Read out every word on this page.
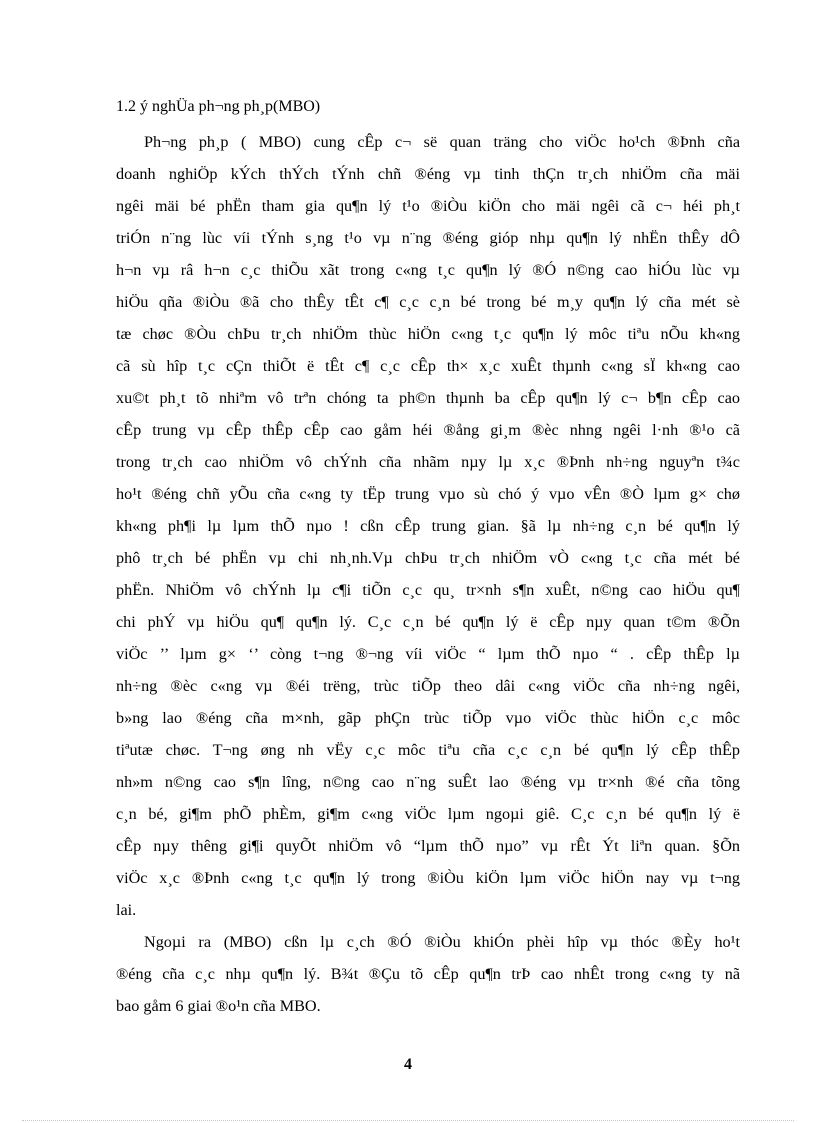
1.2 ý nghÜa ph¬ng ph¸p(MBO)
Ph¬ng ph¸p ( MBO) cung cÊp c¬ së quan träng cho viÖc ho¹ch ®Þnh cña
doanh nghiÖp kÝch thÝch tÝnh chñ ®éng vµ tinh thÇn tr¸ch nhiÖm cña mäi
ngêi mäi bé phËn tham gia qu¶n lý t¹o ®iÒu kiÖn cho mäi ngêi cã c¬ héi ph¸t
triÓn n¨ng lùc víi tÝnh s¸ng t¹o vµ n¨ng ®éng gióp nhµ qu¶n lý nhËn thÊy dÔ
h¬n vµ râ h¬n c¸c thiÕu xãt trong c«ng t¸c qu¶n lý ®Ó n©ng cao hiÓu lùc vµ
hiÖu qña ®iÒu ®ã cho thÊy tÊt c¶ c¸c c¸n bé trong bé m¸y qu¶n lý cña mét sè
tæ chøc ®Òu chÞu tr¸ch nhiÖm thùc hiÖn c«ng t¸c qu¶n lý môc tiªu nÕu kh«ng
cã sù hîp t¸c cÇn thiÕt ë tÊt c¶ c¸c cÊp th× x¸c xuÊt thµnh c«ng sÏ kh«ng cao
xu©t ph¸t tõ nhiªm vô trªn chóng ta ph©n thµnh ba cÊp qu¶n lý c¬ b¶n cÊp cao
cÊp trung vµ cÊp thÊp cÊp cao gåm héi ®ång gi¸m ®èc nhng ngêi l·nh ®¹o cã
trong tr¸ch cao nhiÖm vô chÝnh cña nhãm nµy lµ x¸c ®Þnh nh÷ng nguyªn t¾c
ho¹t ®éng chñ yÕu cña c«ng ty tËp trung vµo sù chó ý vµo vÊn ®Ò lµm g× chø
kh«ng ph¶i lµ lµm thÕ nµo ! cßn cÊp trung gian. §ã lµ nh÷ng c¸n bé qu¶n lý
phô tr¸ch bé phËn vµ chi nh¸nh.Vµ chÞu tr¸ch nhiÖm vÒ c«ng t¸c cña mét bé
phËn. NhiÖm vô chÝnh lµ c¶i tiÕn c¸c qu¸ tr×nh s¶n xuÊt, n©ng cao hiÖu qu¶
chi phÝ vµ hiÖu qu¶ qu¶n lý. C¸c c¸n bé qu¶n lý ë cÊp nµy quan t©m ®Õn
viÖc ’’ lµm g× ‘’ còng t¬ng ®¬ng víi viÖc “ lµm thÕ nµo “ . cÊp thÊp lµ
nh÷ng ®èc c«ng vµ ®éi trëng, trùc tiÕp theo dâi c«ng viÖc cña nh÷ng ngêi,
b»ng lao ®éng cña m×nh, gãp phÇn trùc tiÕp vµo viÖc thùc hiÖn c¸c môc
tiªutæ chøc. T¬ng øng nh vËy c¸c môc tiªu cña c¸c c¸n bé qu¶n lý cÊp thÊp
nh»m n©ng cao s¶n lîng, n©ng cao n¨ng suÊt lao ®éng vµ tr×nh ®é cña tõng
c¸n bé, gi¶m phÕ phÈm, gi¶m c«ng viÖc lµm ngoµi giê. C¸c c¸n bé qu¶n lý ë
cÊp nµy thêng gi¶i quyÕt nhiÖm vô “lµm thÕ nµo” vµ rÊt Ýt liªn quan. §Õn
viÖc x¸c ®Þnh c«ng t¸c qu¶n lý trong ®iÒu kiÖn lµm viÖc hiÖn nay vµ t¬ng
lai.
Ngoµi ra (MBO) cßn lµ c¸ch ®Ó ®iÒu khiÓn phèi hîp vµ thóc ®Èy ho¹t
®éng cña c¸c nhµ qu¶n lý. B¾t ®Çu tõ cÊp qu¶n trÞ cao nhÊt trong c«ng ty nã
bao gåm 6 giai ®o¹n cña MBO.
4
